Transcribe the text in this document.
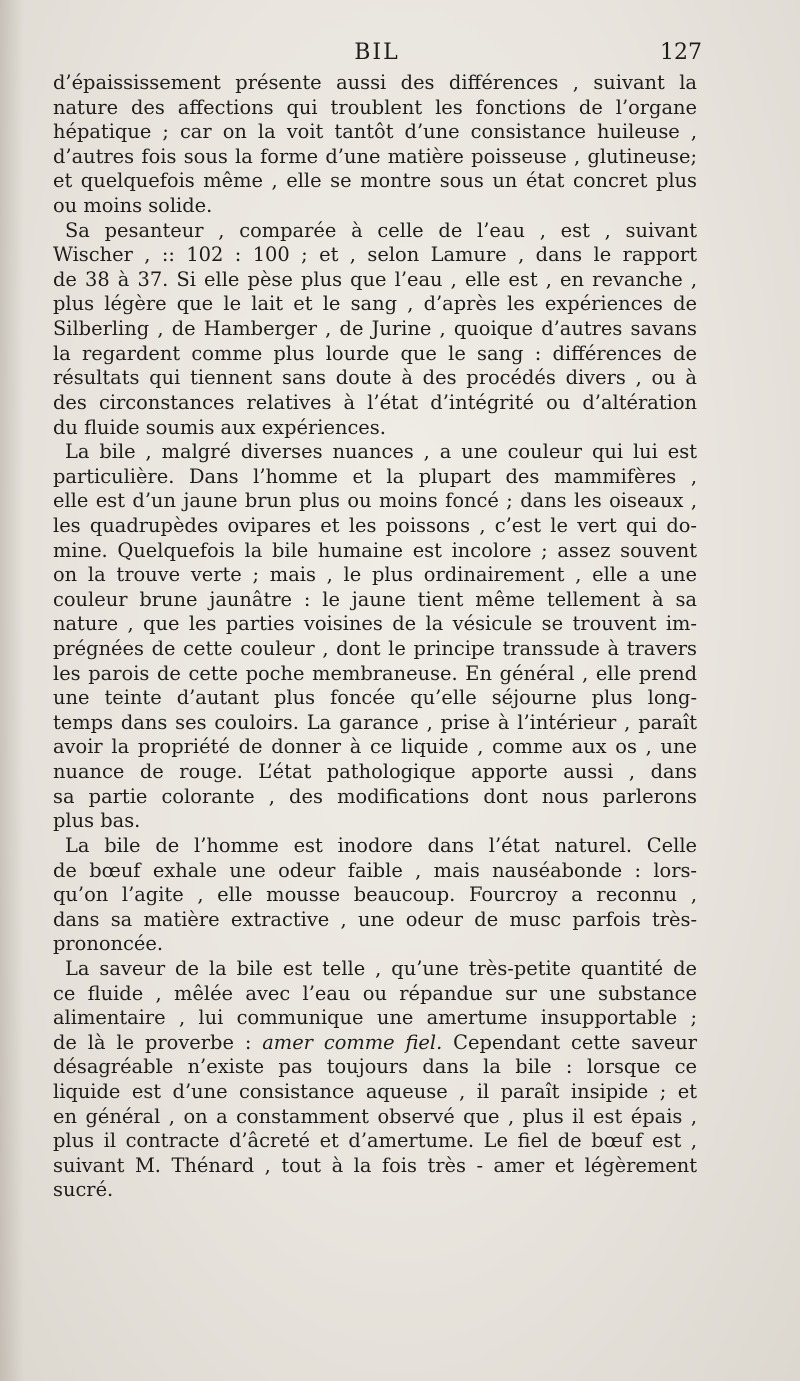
BIL	127
d’épaississement présente aussi des différences , suivant la
nature des affections qui troublent les fonctions de l’organe
hépatique ; car on la voit tantôt d’une consistance huileuse ,
d’autres fois sous la forme d’une matière poisseuse , glutineuse;
et quelquefois même , elle se montre sous un état concret plus
ou moins solide.
Sa pesanteur , comparée à celle de l’eau , est , suivant
Wischer , :: 102 : 100 ; et , selon Lamure , dans le rapport
de 38 à 37. Si elle pèse plus que l’eau , elle est , en revanche ,
plus légère que le lait et le sang , d’après les expériences de
Silberling , de Hamberger , de Jurine , quoique d’autres savans
la regardent comme plus lourde que le sang : différences de
résultats qui tiennent sans doute à des procédés divers , ou à
des circonstances relatives à l’état d’intégrité ou d’altération
du fluide soumis aux expériences.
La bile , malgré diverses nuances , a une couleur qui lui est
particulière. Dans l’homme et la plupart des mammifères ,
elle est d’un jaune brun plus ou moins foncé ; dans les oiseaux ,
les quadrupèdes ovipares et les poissons , c’est le vert qui do-
mine. Quelquefois la bile humaine est incolore ; assez souvent
on la trouve verte ; mais , le plus ordinairement , elle a une
couleur brune jaunâtre : le jaune tient même tellement à sa
nature , que les parties voisines de la vésicule se trouvent im-
prégnées de cette couleur , dont le principe transsude à travers
les parois de cette poche membraneuse. En général , elle prend
une teinte d’autant plus foncée qu’elle séjourne plus long-
temps dans ses couloirs. La garance , prise à l’intérieur , paraît
avoir la propriété de donner à ce liquide , comme aux os , une
nuance de rouge. L’état pathologique apporte aussi , dans
sa partie colorante , des modifications dont nous parlerons
plus bas.
La bile de l’homme est inodore dans l’état naturel. Celle
de bœuf exhale une odeur faible , mais nauséabonde : lors-
qu’on l’agite , elle mousse beaucoup. Fourcroy a reconnu ,
dans sa matière extractive , une odeur de musc parfois très-
prononcée.
La saveur de la bile est telle , qu’une très-petite quantité de
ce fluide , mêlée avec l’eau ou répandue sur une substance
alimentaire , lui communique une amertume insupportable ;
de là le proverbe : amer comme fiel. Cependant cette saveur
désagréable n’existe pas toujours dans la bile : lorsque ce
liquide est d’une consistance aqueuse , il paraît insipide ; et
en général , on a constamment observé que , plus il est épais ,
plus il contracte d’âcreté et d’amertume. Le fiel de bœuf est ,
suivant M. Thénard , tout à la fois très - amer et légèrement
sucré.
